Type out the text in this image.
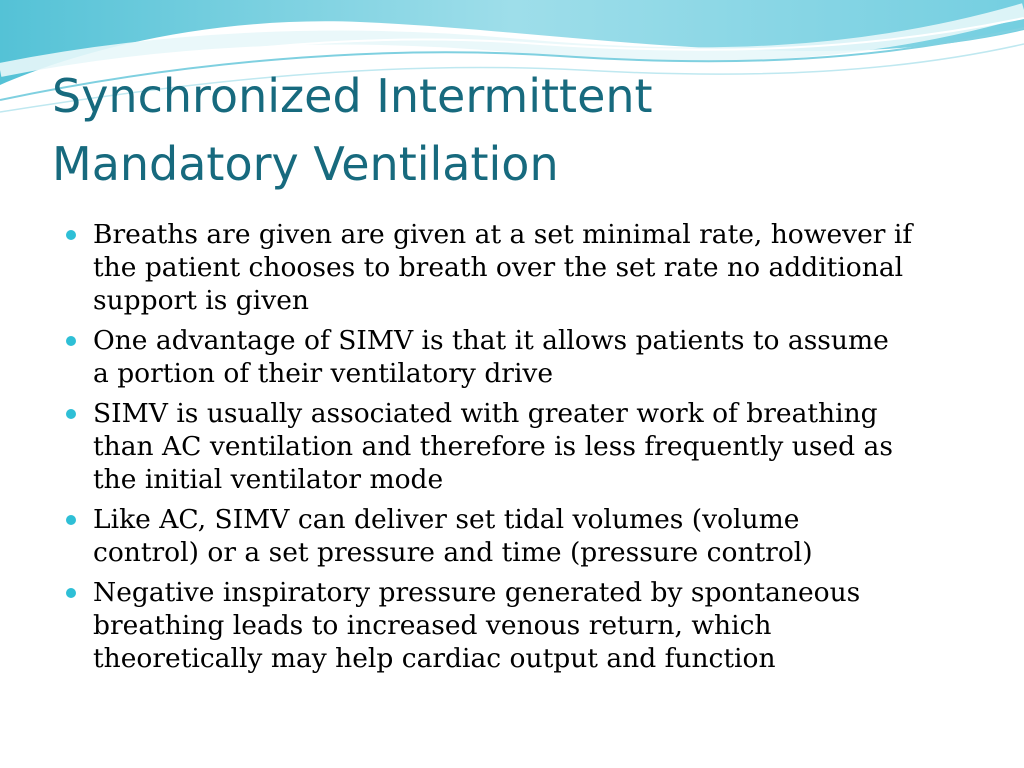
Synchronized Intermittent
Mandatory Ventilation
Breaths are given are given at a set minimal rate, however if
the patient chooses to breath over the set rate no additional
support is given
One advantage of SIMV is that it allows patients to assume
a portion of their ventilatory drive
SIMV is usually associated with greater work of breathing
than AC ventilation and therefore is less frequently used as
the initial ventilator mode
Like AC, SIMV can deliver set tidal volumes (volume
control) or a set pressure and time (pressure control)
Negative inspiratory pressure generated by spontaneous
breathing leads to increased venous return, which
theoretically may help cardiac output and function
